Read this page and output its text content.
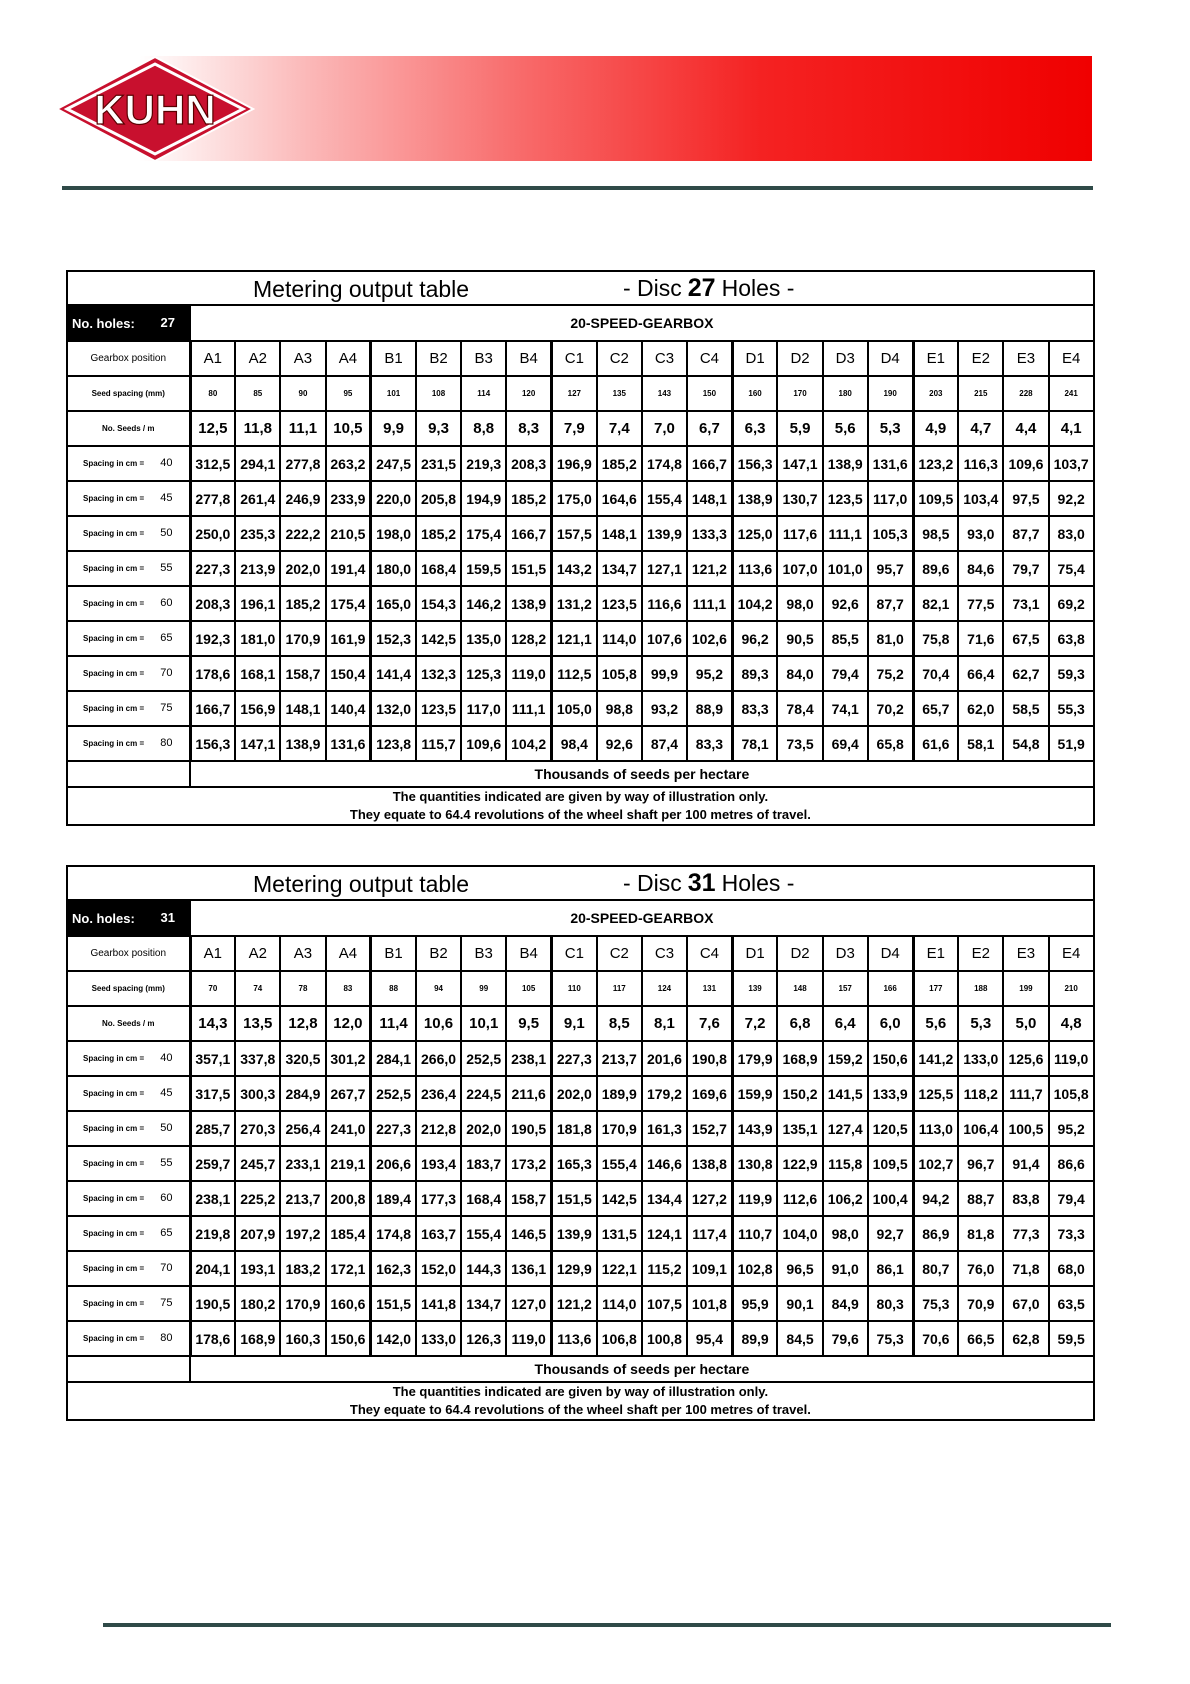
KUHN
Metering output table - Disc 27 Holes -																				

No. holes: 27	20-SPEED-GEARBOX																			
Gearbox position	A1	A2	A3	A4	B1	B2	B3	B4	C1	C2	C3	C4	D1	D2	D3	D4	E1	E2	E3	E4
Seed spacing (mm)	80	85	90	95	101	108	114	120	127	135	143	150	160	170	180	190	203	215	228	241
No. Seeds / m	12,5	11,8	11,1	10,5	9,9	9,3	8,8	8,3	7,9	7,4	7,0	6,7	6,3	5,9	5,6	5,3	4,9	4,7	4,4	4,1

Spacing in cm = 40	312,5	294,1	277,8	263,2	247,5	231,5	219,3	208,3	196,9	185,2	174,8	166,7	156,3	147,1	138,9	131,6	123,2	116,3	109,6	103,7

Spacing in cm = 45	277,8	261,4	246,9	233,9	220,0	205,8	194,9	185,2	175,0	164,6	155,4	148,1	138,9	130,7	123,5	117,0	109,5	103,4	97,5	92,2

Spacing in cm = 50	250,0	235,3	222,2	210,5	198,0	185,2	175,4	166,7	157,5	148,1	139,9	133,3	125,0	117,6	111,1	105,3	98,5	93,0	87,7	83,0

Spacing in cm = 55	227,3	213,9	202,0	191,4	180,0	168,4	159,5	151,5	143,2	134,7	127,1	121,2	113,6	107,0	101,0	95,7	89,6	84,6	79,7	75,4

Spacing in cm = 60	208,3	196,1	185,2	175,4	165,0	154,3	146,2	138,9	131,2	123,5	116,6	111,1	104,2	98,0	92,6	87,7	82,1	77,5	73,1	69,2

Spacing in cm = 65	192,3	181,0	170,9	161,9	152,3	142,5	135,0	128,2	121,1	114,0	107,6	102,6	96,2	90,5	85,5	81,0	75,8	71,6	67,5	63,8

Spacing in cm = 70	178,6	168,1	158,7	150,4	141,4	132,3	125,3	119,0	112,5	105,8	99,9	95,2	89,3	84,0	79,4	75,2	70,4	66,4	62,7	59,3

Spacing in cm = 75	166,7	156,9	148,1	140,4	132,0	123,5	117,0	111,1	105,0	98,8	93,2	88,9	83,3	78,4	74,1	70,2	65,7	62,0	58,5	55,3

Spacing in cm = 80	156,3	147,1	138,9	131,6	123,8	115,7	109,6	104,2	98,4	92,6	87,4	83,3	78,1	73,5	69,4	65,8	61,6	58,1	54,8	51,9
	Thousands of seeds per hectare																			

The quantities indicated are given by way of illustration only.
They equate to 64.4 revolutions of the wheel shaft per 100 metres of travel.																				
Metering output table - Disc 31 Holes -																				

No. holes: 31	20-SPEED-GEARBOX																			
Gearbox position	A1	A2	A3	A4	B1	B2	B3	B4	C1	C2	C3	C4	D1	D2	D3	D4	E1	E2	E3	E4
Seed spacing (mm)	70	74	78	83	88	94	99	105	110	117	124	131	139	148	157	166	177	188	199	210
No. Seeds / m	14,3	13,5	12,8	12,0	11,4	10,6	10,1	9,5	9,1	8,5	8,1	7,6	7,2	6,8	6,4	6,0	5,6	5,3	5,0	4,8

Spacing in cm = 40	357,1	337,8	320,5	301,2	284,1	266,0	252,5	238,1	227,3	213,7	201,6	190,8	179,9	168,9	159,2	150,6	141,2	133,0	125,6	119,0

Spacing in cm = 45	317,5	300,3	284,9	267,7	252,5	236,4	224,5	211,6	202,0	189,9	179,2	169,6	159,9	150,2	141,5	133,9	125,5	118,2	111,7	105,8

Spacing in cm = 50	285,7	270,3	256,4	241,0	227,3	212,8	202,0	190,5	181,8	170,9	161,3	152,7	143,9	135,1	127,4	120,5	113,0	106,4	100,5	95,2

Spacing in cm = 55	259,7	245,7	233,1	219,1	206,6	193,4	183,7	173,2	165,3	155,4	146,6	138,8	130,8	122,9	115,8	109,5	102,7	96,7	91,4	86,6

Spacing in cm = 60	238,1	225,2	213,7	200,8	189,4	177,3	168,4	158,7	151,5	142,5	134,4	127,2	119,9	112,6	106,2	100,4	94,2	88,7	83,8	79,4

Spacing in cm = 65	219,8	207,9	197,2	185,4	174,8	163,7	155,4	146,5	139,9	131,5	124,1	117,4	110,7	104,0	98,0	92,7	86,9	81,8	77,3	73,3

Spacing in cm = 70	204,1	193,1	183,2	172,1	162,3	152,0	144,3	136,1	129,9	122,1	115,2	109,1	102,8	96,5	91,0	86,1	80,7	76,0	71,8	68,0

Spacing in cm = 75	190,5	180,2	170,9	160,6	151,5	141,8	134,7	127,0	121,2	114,0	107,5	101,8	95,9	90,1	84,9	80,3	75,3	70,9	67,0	63,5

Spacing in cm = 80	178,6	168,9	160,3	150,6	142,0	133,0	126,3	119,0	113,6	106,8	100,8	95,4	89,9	84,5	79,6	75,3	70,6	66,5	62,8	59,5
	Thousands of seeds per hectare																			

The quantities indicated are given by way of illustration only.
They equate to 64.4 revolutions of the wheel shaft per 100 metres of travel.																				
